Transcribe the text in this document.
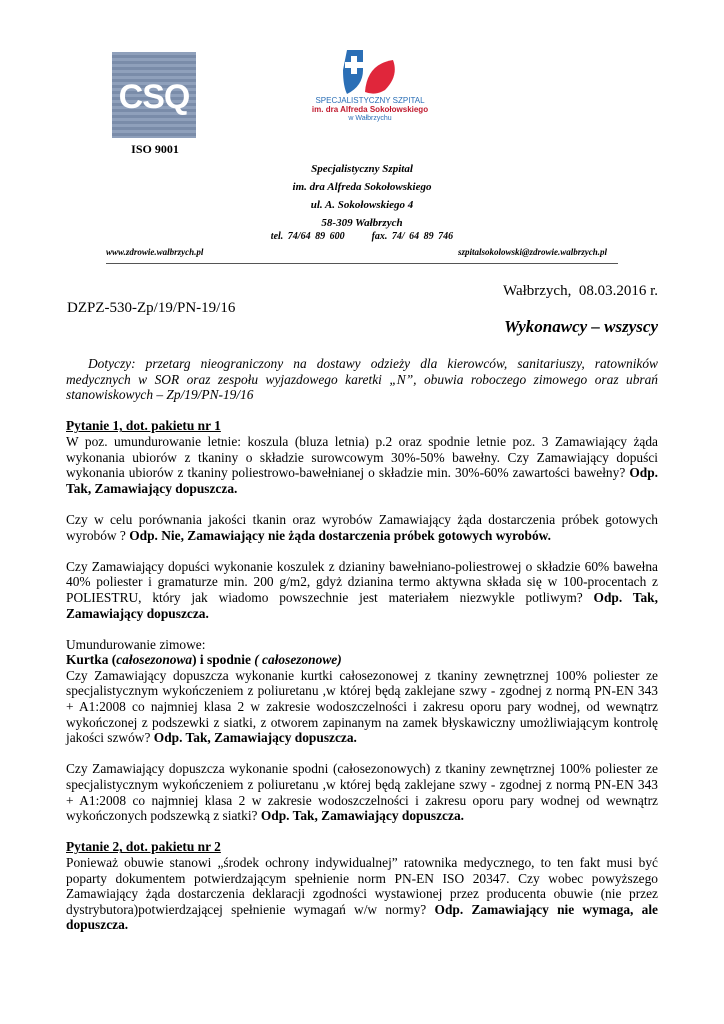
CSQ
ISO 9001
SPECJALISTYCZNY SZPITAL
im. dra Alfreda Sokołowskiego
w Wałbrzychu
Specjalistyczny Szpital
im. dra Alfreda Sokołowskiego
ul. A. Sokołowskiego 4
58-309 Wałbrzych
tel. 74/64 89 600      fax. 74/ 64 89 746
www.zdrowie.walbrzych.pl	szpitalsokolowski@zdrowie.walbrzych.pl
Wałbrzych,  08.03.2016 r.
DZPZ-530-Zp/19/PN-19/16
Wykonawcy – wszyscy

Dotyczy: przetarg nieograniczony na dostawy odzieży dla kierowców, sanitariuszy, ratowników medycznych w SOR oraz zespołu wyjazdowego karetki „N”, obuwia roboczego zimowego oraz ubrań stanowiskowych – Zp/19/PN-19/16

Pytanie 1, dot. pakietu nr 1

W poz. umundurowanie letnie: koszula (bluza letnia) p.2 oraz spodnie letnie poz. 3 Zamawiający żąda wykonania ubiorów z tkaniny o składzie surowcowym 30%-50% bawełny. Czy Zamawiający dopuści wykonania ubiorów z tkaniny poliestrowo-bawełnianej o składzie min. 30%-60% zawartości bawełny? Odp. Tak, Zamawiający dopuszcza.

Czy w celu porównania jakości tkanin oraz wyrobów Zamawiający żąda dostarczenia próbek gotowych wyrobów ? Odp. Nie, Zamawiający nie żąda dostarczenia próbek gotowych wyrobów.

Czy Zamawiający dopuści wykonanie koszulek z dzianiny bawełniano-poliestrowej o składzie 60% bawełna 40% poliester i gramaturze min. 200 g/m2, gdyż dzianina termo aktywna składa się w 100-procentach z POLIESTRU, który jak wiadomo powszechnie jest materiałem niezwykle potliwym? Odp. Tak, Zamawiający dopuszcza.

Umundurowanie zimowe:

Kurtka (całosezonowa) i spodnie ( całosezonowe)

Czy Zamawiający dopuszcza wykonanie kurtki całosezonowej z tkaniny zewnętrznej 100% poliester ze specjalistycznym wykończeniem z poliuretanu ,w której będą zaklejane szwy - zgodnej z normą PN-EN 343 + A1:2008 co najmniej klasa 2 w zakresie wodoszczelności i zakresu oporu pary wodnej, od wewnątrz wykończonej z podszewki z siatki, z otworem zapinanym na zamek błyskawiczny umożliwiającym kontrolę jakości szwów? Odp. Tak, Zamawiający dopuszcza.

Czy Zamawiający dopuszcza wykonanie spodni (całosezonowych) z tkaniny zewnętrznej 100% poliester ze specjalistycznym wykończeniem z poliuretanu ,w której będą zaklejane szwy - zgodnej z normą PN-EN 343 + A1:2008 co najmniej klasa 2 w zakresie wodoszczelności i zakresu oporu pary wodnej od wewnątrz wykończonych podszewką z siatki? Odp. Tak, Zamawiający dopuszcza.

Pytanie 2, dot. pakietu nr 2

Ponieważ obuwie stanowi „środek ochrony indywidualnej” ratownika medycznego, to ten fakt musi być poparty dokumentem potwierdzającym spełnienie norm PN-EN ISO 20347. Czy wobec powyższego Zamawiający żąda dostarczenia deklaracji zgodności wystawionej przez producenta obuwie (nie przez dystrybutora)potwierdzającej spełnienie wymagań w/w normy? Odp. Zamawiający nie wymaga, ale dopuszcza.
